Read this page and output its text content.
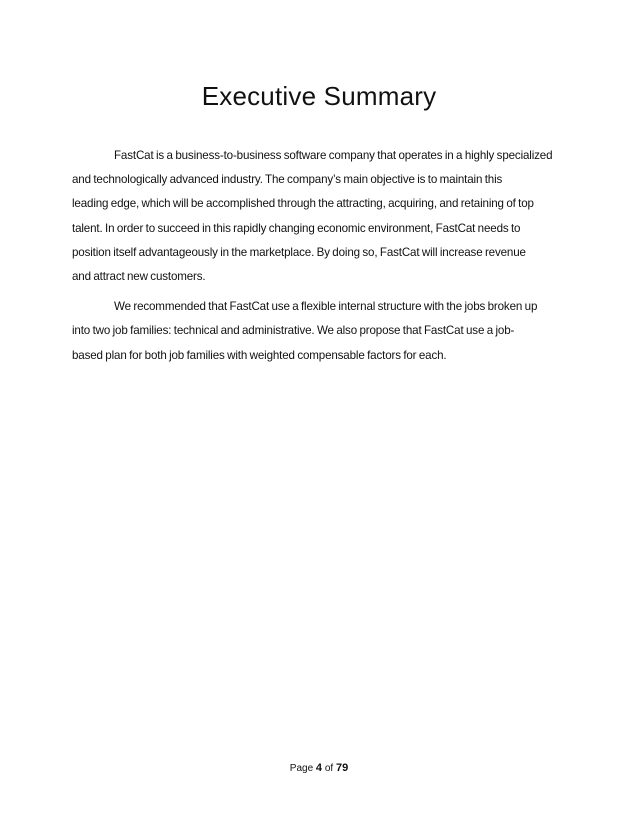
Executive Summary

FastCat is a business-to-business software company that operates in a highly specialized
and technologically advanced industry. The company’s main objective is to maintain this
leading edge, which will be accomplished through the attracting, acquiring, and retaining of top
talent. In order to succeed in this rapidly changing economic environment, FastCat needs to
position itself advantageously in the marketplace. By doing so, FastCat will increase revenue
and attract new customers.

We recommended that FastCat use a flexible internal structure with the jobs broken up
into two job families: technical and administrative. We also propose that FastCat use a job-
based plan for both job families with weighted compensable factors for each.

Page 4 of 79
